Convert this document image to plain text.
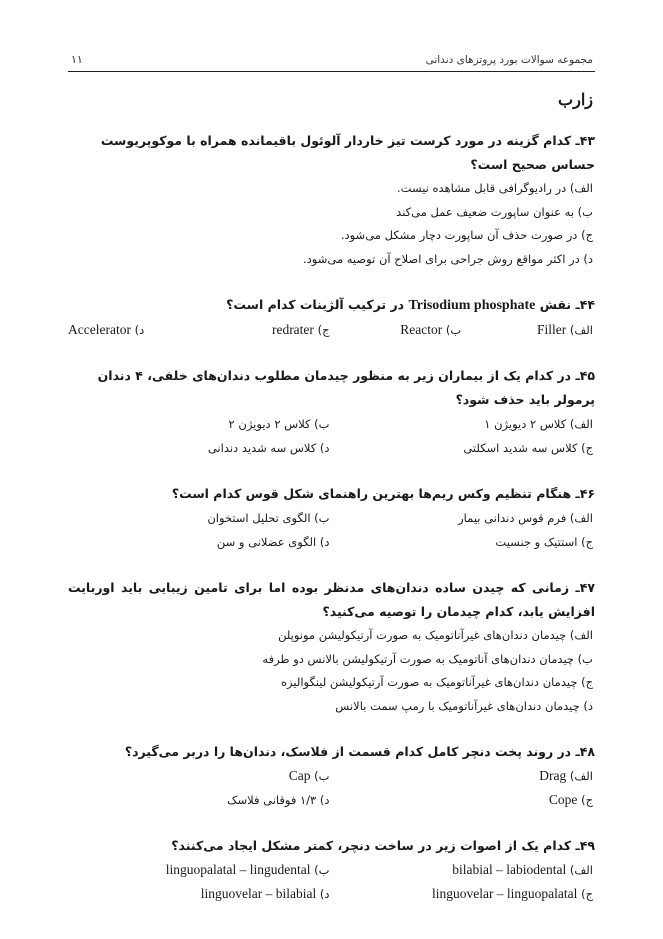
مجموعه سوالات بورد پروتزهای دندانی
۱۱
زارب
۴۳ـ کدام گزینه در مورد کرست تیز خاردار آلوئول باقیمانده همراه با موکوپریوست حساس صحیح است؟
الف) در رادیوگرافی قابل مشاهده نیست.
ب) به عنوان ساپورت ضعیف عمل می‌کند
ج) در صورت حذف آن ساپورت دچار مشکل می‌شود.
د) در اکثر مواقع روش جراحی برای اصلاح آن توصیه می‌شود.
۴۴ـ نقش Trisodium phosphate در ترکیب آلژینات کدام است؟
الف) Filler
ب) Reactor
ج) redrater
د) Accelerator
۴۵ـ در کدام یک از بیماران زیر به منظور چیدمان مطلوب دندان‌های خلفی، ۴ دندان پرمولر باید حذف شود؟
الف) کلاس ۲ دیویژن ۱
ب) کلاس ۲ دیویژن ۲
ج) کلاس سه شدید اسکلتی
د) کلاس سه شدید دندانی
۴۶ـ هنگام تنظیم وکس ریم‌ها بهترین راهنمای شکل قوس کدام است؟
الف) فرم قوس دندانی بیمار
ب) الگوی تحلیل استخوان
ج) استتیک و جنسیت
د) الگوی عضلانی و سن
۴۷ـ زمانی که چیدن ساده دندان‌های مدنظر بوده اما برای تامین زیبایی باید اوربایت افزایش یابد، کدام چیدمان را توصیه می‌کنید؟
الف) چیدمان دندان‌های غیرآناتومیک به صورت آرتیکولیشن مونوپلن
ب) چیدمان دندان‌های آناتومیک به صورت آرتیکولیشن بالانس دو طرفه
ج) چیدمان دندان‌های غیرآناتومیک به صورت آرتیکولیشن لینگوالیزه
د) چیدمان دندان‌های غیرآناتومیک با رمپ سمت بالانس
۴۸ـ در روند پخت دنچر کامل کدام قسمت از فلاسک، دندان‌ها را دربر می‌گیرد؟
الف) Drag
ب) Cap
ج) Cope
د) ۱/۳ فوقانی فلاسک
۴۹ـ کدام یک از اصوات زیر در ساخت دنچر، کمتر مشکل ایجاد می‌کنند؟
الف) bilabial – labiodental
ب) linguopalatal – lingudental
ج) linguovelar – linguopalatal
د) linguovelar – bilabial
